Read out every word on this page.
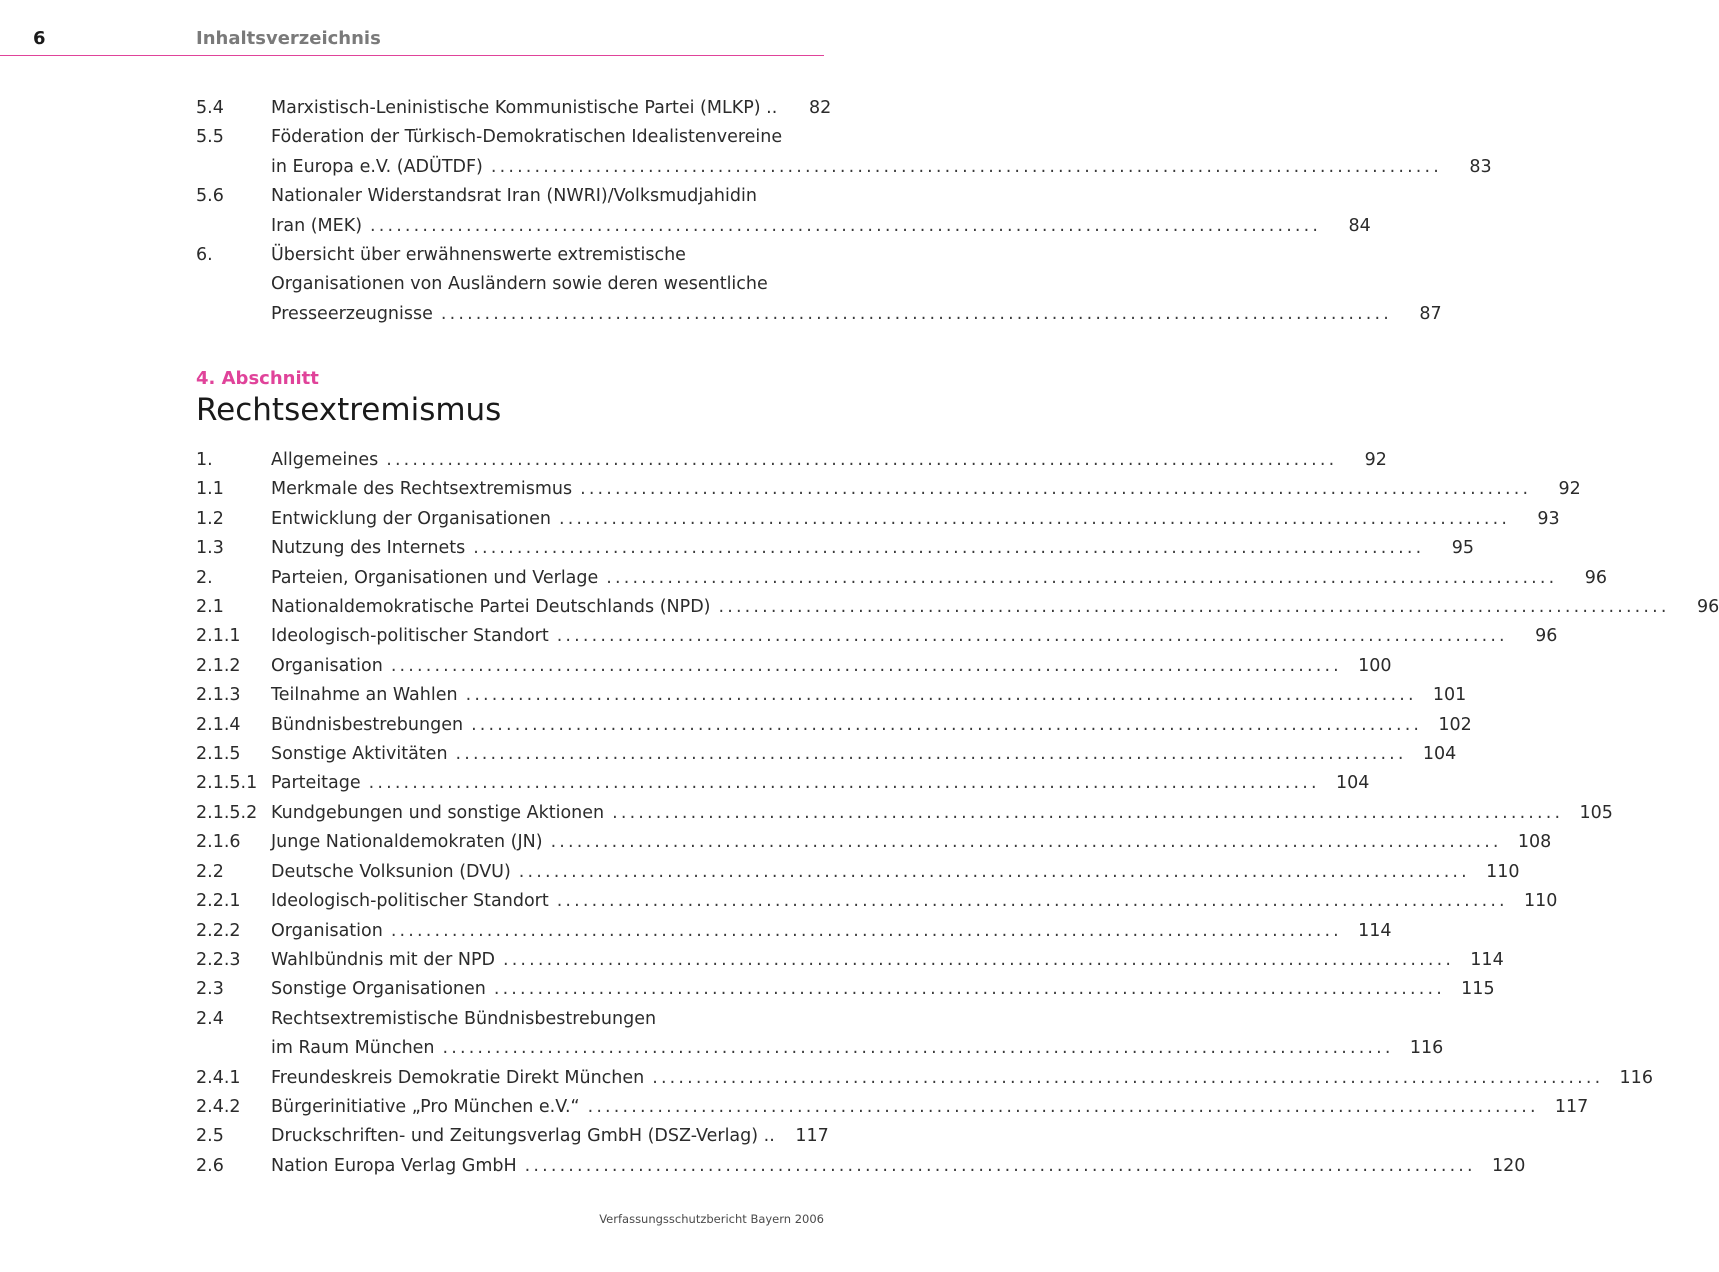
6	Inhaltsverzeichnis
5.4	Marxistisch-Leninistische Kommunistische Partei (MLKP) ..	82
5.5	Föderation der Türkisch-Demokratischen Idealistenvereine
in Europa e.V. (ADÜTDF) . . .	83
5.6	Nationaler Widerstandsrat Iran (NWRI)/Volksmudjahidin
Iran (MEK) . . .	84
6.	Übersicht über erwähnenswerte extremistische
Organisationen von Ausländern sowie deren wesentliche
Presseerzeugnisse . . .	87
4. Abschnitt
Rechtsextremismus
1.	Allgemeines . . .	92
1.1	Merkmale des Rechtsextremismus . . .	92
1.2	Entwicklung der Organisationen . . .	93
1.3	Nutzung des Internets . . .	95
2.	Parteien, Organisationen und Verlage . . .	96
2.1	Nationaldemokratische Partei Deutschlands (NPD) . . .	96
2.1.1	Ideologisch-politischer Standort . . .	96
2.1.2	Organisation . . .	100
2.1.3	Teilnahme an Wahlen . . .	101
2.1.4	Bündnisbestrebungen . . .	102
2.1.5	Sonstige Aktivitäten . . .	104
2.1.5.1 Parteitage . . .	104
2.1.5.2 Kundgebungen und sonstige Aktionen . . .	105
2.1.6	Junge Nationaldemokraten (JN) . . .	108
2.2	Deutsche Volksunion (DVU) . . .	110
2.2.1	Ideologisch-politischer Standort . . .	110
2.2.2	Organisation . . .	114
2.2.3	Wahlbündnis mit der NPD . . .	114
2.3	Sonstige Organisationen . . .	115
2.4	Rechtsextremistische Bündnisbestrebungen
im Raum München . . .	116
2.4.1	Freundeskreis Demokratie Direkt München . . .	116
2.4.2	Bürgerinitiative „Pro München e.V.“ . . .	117
2.5	Druckschriften- und Zeitungsverlag GmbH (DSZ-Verlag) ..	117
2.6	Nation Europa Verlag GmbH . . .	120
Verfassungsschutzbericht Bayern 2006
